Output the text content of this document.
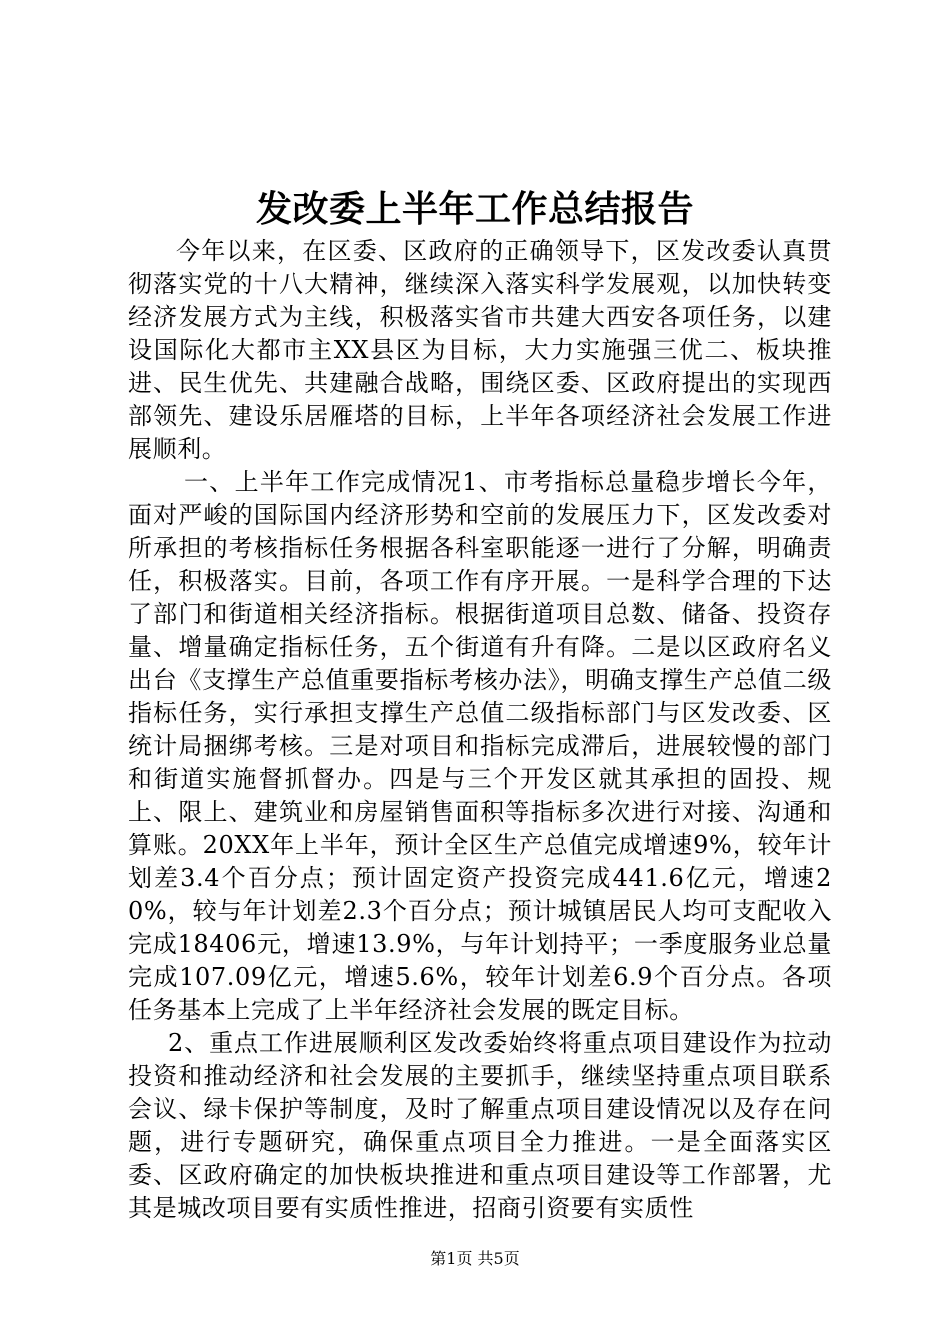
发改委上半年工作总结报告

今年以来，在区委、区政府的正确领导下，区发改委认真贯彻落实党的十八大精神，继续深入落实科学发展观，以加快转变经济发展方式为主线，积极落实省市共建大西安各项任务，以建设国际化大都市主XX县区为目标，大力实施强三优二、板块推进、民生优先、共建融合战略，围绕区委、区政府提出的实现西部领先、建设乐居雁塔的目标，上半年各项经济社会发展工作进展顺利。

一、上半年工作完成情况1、市考指标总量稳步增长今年，面对严峻的国际国内经济形势和空前的发展压力下，区发改委对所承担的考核指标任务根据各科室职能逐一进行了分解，明确责任，积极落实。目前，各项工作有序开展。一是科学合理的下达了部门和街道相关经济指标。根据街道项目总数、储备、投资存量、增量确定指标任务，五个街道有升有降。二是以区政府名义出台《支撑生产总值重要指标考核办法》，明确支撑生产总值二级指标任务，实行承担支撑生产总值二级指标部门与区发改委、区统计局捆绑考核。三是对项目和指标完成滞后，进展较慢的部门和街道实施督抓督办。四是与三个开发区就其承担的固投、规上、限上、建筑业和房屋销售面积等指标多次进行对接、沟通和算账。20XX年上半年，预计全区生产总值完成增速9%，较年计划差3.4个百分点；预计固定资产投资完成441.6亿元，增速20%，较与年计划差2.3个百分点；预计城镇居民人均可支配收入完成18406元，增速13.9%，与年计划持平；一季度服务业总量完成107.09亿元，增速5.6%，较年计划差6.9个百分点。各项任务基本上完成了上半年经济社会发展的既定目标。

2、重点工作进展顺利区发改委始终将重点项目建设作为拉动投资和推动经济和社会发展的主要抓手，继续坚持重点项目联系会议、绿卡保护等制度，及时了解重点项目建设情况以及存在问题，进行专题研究，确保重点项目全力推进。一是全面落实区委、区政府确定的加快板块推进和重点项目建设等工作部署，尤其是城改项目要有实质性推进，招商引资要有实质性

第1页 共5页
